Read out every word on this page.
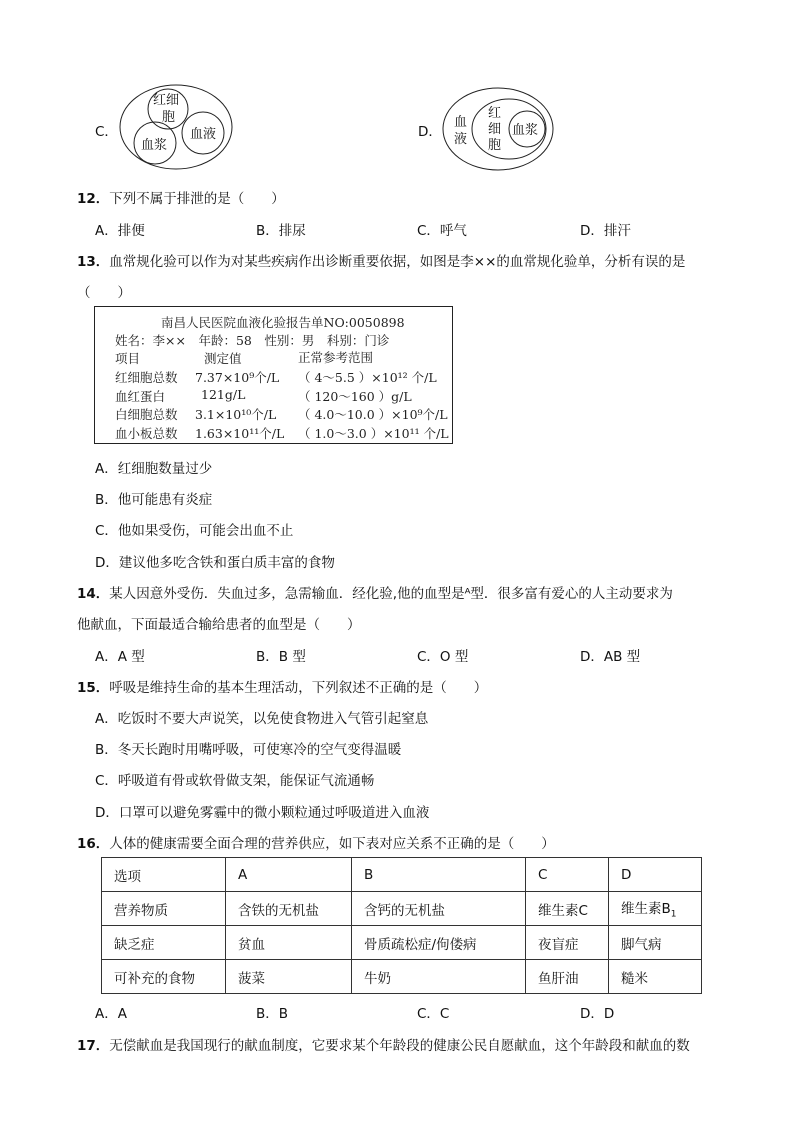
C．
红细
胞
血液
血浆
D．
血
液
红
细
胞
血浆
12．下列不属于排泄的是（　　）
A．排便	B．排尿	C．呼气	D．排汗
13．血常规化验可以作为对某些疾病作出诊断重要依据，如图是李××的血常规化验单，分析有误的是
（　　）
南昌人民医院血液化验报告单NO:0050898
姓名：李××　年龄：58　性别：男　科别：门诊
项目	测定值	正常参考范围
红细胞总数 7.37×10⁹个/L （ 4～5.5 ）×10¹² 个/L
血红蛋白	121g/L	（ 120～160 ）g/L
白细胞总数 3.1×10¹⁰个/L （ 4.0～10.0 ）×10⁹个/L
血小板总数 1.63×10¹¹个/L （ 1.0～3.0 ）×10¹¹ 个/L
A．红细胞数量过少
B．他可能患有炎症
C．他如果受伤，可能会出血不止
D．建议他多吃含铁和蛋白质丰富的食物
14．某人因意外受伤．失血过多，急需输血．经化验,他的血型是ᴬ型．很多富有爱心的人主动要求为
他献血，下面最适合输给患者的血型是（　　）
A．A 型	B．B 型	C．O 型	D．AB 型
15．呼吸是维持生命的基本生理活动，下列叙述不正确的是（　　）
A．吃饭时不要大声说笑，以免使食物进入气管引起窒息
B．冬天长跑时用嘴呼吸，可使寒冷的空气变得温暖
C．呼吸道有骨或软骨做支架，能保证气流通畅
D．口罩可以避免雾霾中的微小颗粒通过呼吸道进入血液
16．人体的健康需要全面合理的营养供应，如下表对应关系不正确的是（　　）
选项	A	B	C	D
营养物质	含铁的无机盐	含钙的无机盐	维生素C	维生素$B_1$
缺乏症	贫血	骨质疏松症/佝偻病	夜盲症	脚气病
可补充的食物	菠菜	牛奶	鱼肝油	糙米
A．A	B．B	C．C	D．D
17．无偿献血是我国现行的献血制度，它要求某个年龄段的健康公民自愿献血，这个年龄段和献血的数
